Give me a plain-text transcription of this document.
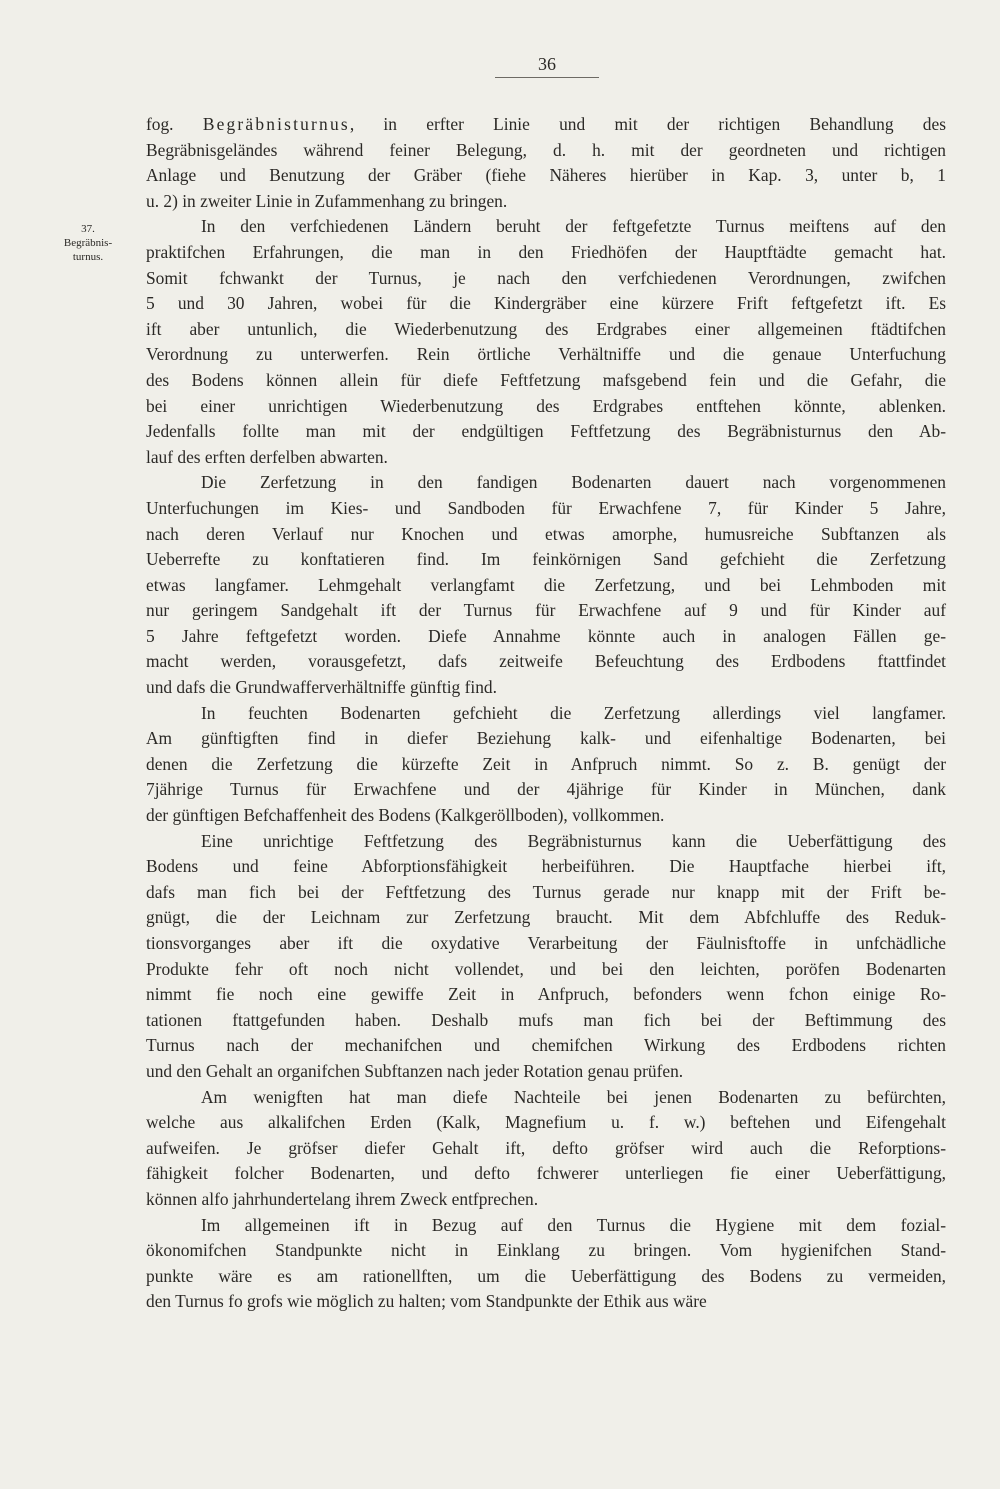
36
37.
Begräbnis-
turnus.

fog. Begräbnisturnus, in erfter Linie und mit der richtigen Behandlung des
Begräbnisgeländes während feiner Belegung, d. h. mit der geordneten und richtigen
Anlage und Benutzung der Gräber (fiehe Näheres hierüber in Kap. 3, unter b, 1
u. 2) in zweiter Linie in Zufammenhang zu bringen.

In den verfchiedenen Ländern beruht der feftgefetzte Turnus meiftens auf den
praktifchen Erfahrungen, die man in den Friedhöfen der Hauptftädte gemacht hat.
Somit fchwankt der Turnus, je nach den verfchiedenen Verordnungen, zwifchen
5 und 30 Jahren, wobei für die Kindergräber eine kürzere Frift feftgefetzt ift. Es
ift aber untunlich, die Wiederbenutzung des Erdgrabes einer allgemeinen ftädtifchen
Verordnung zu unterwerfen. Rein örtliche Verhältniffe und die genaue Unterfuchung
des Bodens können allein für diefe Feftfetzung mafsgebend fein und die Gefahr, die
bei einer unrichtigen Wiederbenutzung des Erdgrabes entftehen könnte, ablenken.
Jedenfalls follte man mit der endgültigen Feftfetzung des Begräbnisturnus den Ab-
lauf des erften derfelben abwarten.

Die Zerfetzung in den fandigen Bodenarten dauert nach vorgenommenen
Unterfuchungen im Kies- und Sandboden für Erwachfene 7, für Kinder 5 Jahre,
nach deren Verlauf nur Knochen und etwas amorphe, humusreiche Subftanzen als
Ueberrefte zu konftatieren find. Im feinkörnigen Sand gefchieht die Zerfetzung
etwas langfamer. Lehmgehalt verlangfamt die Zerfetzung, und bei Lehmboden mit
nur geringem Sandgehalt ift der Turnus für Erwachfene auf 9 und für Kinder auf
5 Jahre feftgefetzt worden. Diefe Annahme könnte auch in analogen Fällen ge-
macht werden, vorausgefetzt, dafs zeitweife Befeuchtung des Erdbodens ftattfindet
und dafs die Grundwafferverhältniffe günftig find.

In feuchten Bodenarten gefchieht die Zerfetzung allerdings viel langfamer.
Am günftigften find in diefer Beziehung kalk- und eifenhaltige Bodenarten, bei
denen die Zerfetzung die kürzefte Zeit in Anfpruch nimmt. So z. B. genügt der
7jährige Turnus für Erwachfene und der 4jährige für Kinder in München, dank
der günftigen Befchaffenheit des Bodens (Kalkgeröllboden), vollkommen.

Eine unrichtige Feftfetzung des Begräbnisturnus kann die Ueberfättigung des
Bodens und feine Abforptionsfähigkeit herbeiführen. Die Hauptfache hierbei ift,
dafs man fich bei der Feftfetzung des Turnus gerade nur knapp mit der Frift be-
gnügt, die der Leichnam zur Zerfetzung braucht. Mit dem Abfchluffe des Reduk-
tionsvorganges aber ift die oxydative Verarbeitung der Fäulnisftoffe in unfchädliche
Produkte fehr oft noch nicht vollendet, und bei den leichten, poröfen Bodenarten
nimmt fie noch eine gewiffe Zeit in Anfpruch, befonders wenn fchon einige Ro-
tationen ftattgefunden haben. Deshalb mufs man fich bei der Beftimmung des
Turnus nach der mechanifchen und chemifchen Wirkung des Erdbodens richten
und den Gehalt an organifchen Subftanzen nach jeder Rotation genau prüfen.

Am wenigften hat man diefe Nachteile bei jenen Bodenarten zu befürchten,
welche aus alkalifchen Erden (Kalk, Magnefium u. f. w.) beftehen und Eifengehalt
aufweifen. Je gröfser diefer Gehalt ift, defto gröfser wird auch die Reforptions-
fähigkeit folcher Bodenarten, und defto fchwerer unterliegen fie einer Ueberfättigung,
können alfo jahrhundertelang ihrem Zweck entfprechen.

Im allgemeinen ift in Bezug auf den Turnus die Hygiene mit dem fozial-
ökonomifchen Standpunkte nicht in Einklang zu bringen. Vom hygienifchen Stand-
punkte wäre es am rationellften, um die Ueberfättigung des Bodens zu vermeiden,
den Turnus fo grofs wie möglich zu halten; vom Standpunkte der Ethik aus wäre
